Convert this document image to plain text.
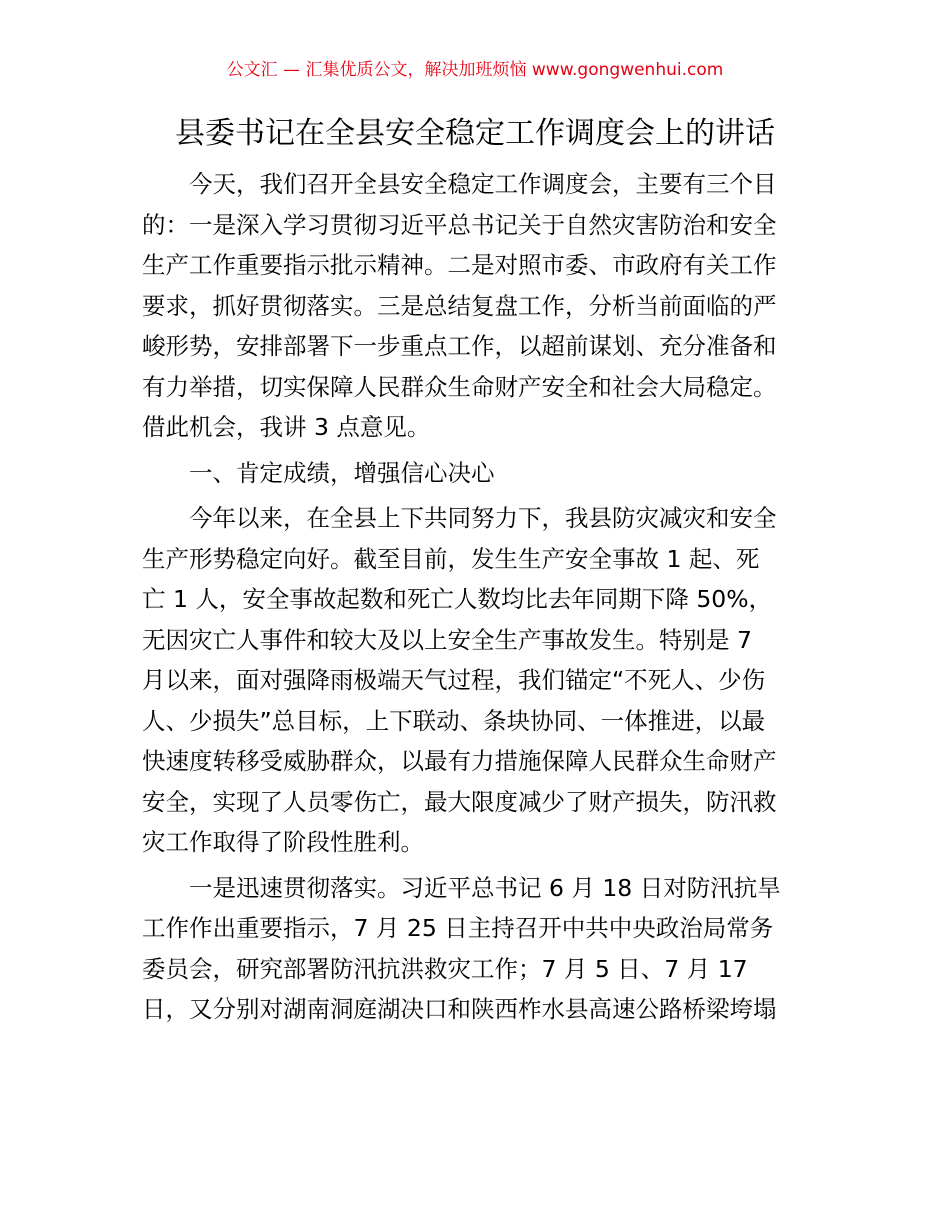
公文汇 — 汇集优质公文，解决加班烦恼 www.gongwenhui.com
县委书记在全县安全稳定工作调度会上的讲话
今天，我们召开全县安全稳定工作调度会，主要有三个目
的：一是深入学习贯彻习近平总书记关于自然灾害防治和安全
生产工作重要指示批示精神。二是对照市委、市政府有关工作
要求，抓好贯彻落实。三是总结复盘工作，分析当前面临的严
峻形势，安排部署下一步重点工作，以超前谋划、充分准备和
有力举措，切实保障人民群众生命财产安全和社会大局稳定。
借此机会，我讲 3 点意见。
一、肯定成绩，增强信心决心
今年以来，在全县上下共同努力下，我县防灾减灾和安全
生产形势稳定向好。截至目前，发生生产安全事故 1 起、死
亡 1 人，安全事故起数和死亡人数均比去年同期下降 50%，
无因灾亡人事件和较大及以上安全生产事故发生。特别是 7
月以来，面对强降雨极端天气过程，我们锚定“不死人、少伤
人、少损失”总目标，上下联动、条块协同、一体推进，以最
快速度转移受威胁群众，以最有力措施保障人民群众生命财产
安全，实现了人员零伤亡，最大限度减少了财产损失，防汛救
灾工作取得了阶段性胜利。
一是迅速贯彻落实。习近平总书记 6 月 18 日对防汛抗旱
工作作出重要指示，7 月 25 日主持召开中共中央政治局常务
委员会，研究部署防汛抗洪救灾工作；7 月 5 日、7 月 17
日，又分别对湖南洞庭湖决口和陕西柞水县高速公路桥梁垮塌
